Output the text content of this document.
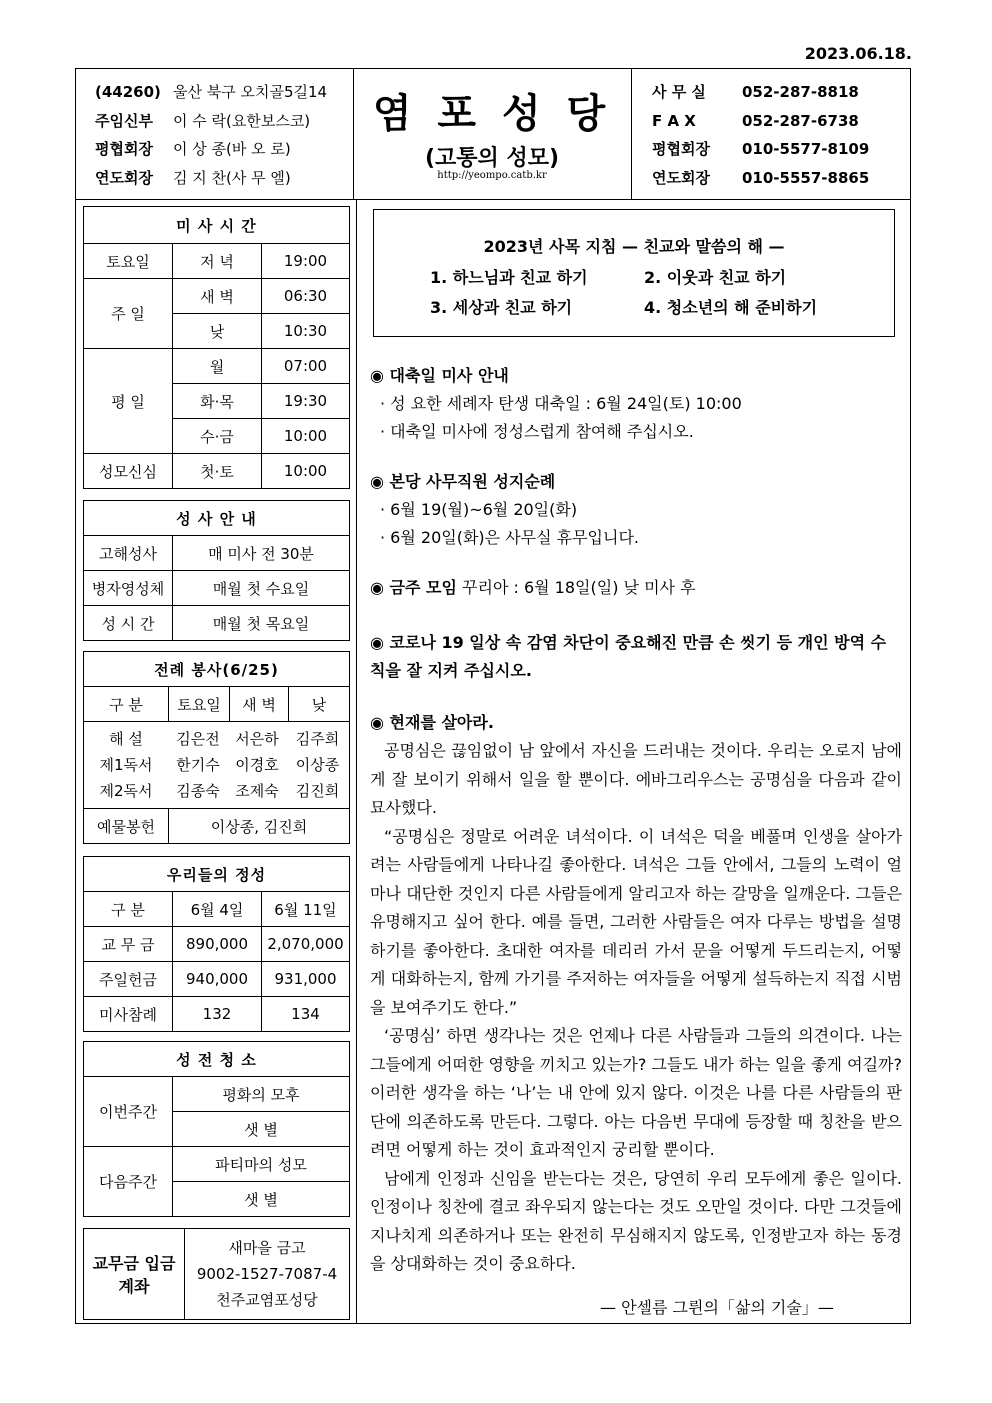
2023.06.18.
(44260) 울산 북구 오치골5길14
주임신부 이 수 락(요한보스코)
평협회장 이 상 종(바 오 로)
연도회장 김 지 찬(사 무 엘)
염 포 성 당
(고통의 성모)
http://yeompo.catb.kr
사 무 실 052-287-8818
F A X	052-287-6738
평협회장 010-5577-8109
연도회장 010-5557-8865
미 사 시 간		
토요일	저 녁	19:00
주 일	새 벽	06:30
	낮	10:30
평 일	월	07:00
	화·목	19:30
	수·금	10:00
성모신심	첫·토	10:00
성 사 안 내	
고해성사	매 미사 전 30분
병자영성체	매월 첫 수요일
성 시 간	매월 첫 목요일
전례 봉사(6/25)
구 분	토요일	새 벽	낮

해 설	김은전	서은하	김주희
제1독서	한기수	이경호	이상종
제2독서	김종숙	조제숙	김진희

예물봉헌	이상종, 김진희
우리들의 정성		
구 분	6월 4일	6월 11일
교 무 금	890,000	2,070,000
주일헌금	940,000	931,000
미사참례	132	134
성 전 청 소	
이번주간	평화의 모후
	샛 별
다음주간	파티마의 성모
	샛 별
교무금 입금계좌	
새마을 금고
9002-1527-7087-4
천주교염포성당
2023년 사목 지침 — 친교와 말씀의 해 —
1. 하느님과 친교 하기	2. 이웃과 친교 하기
3. 세상과 친교 하기	4. 청소년의 해 준비하기
◉ 대축일 미사 안내
· 성 요한 세례자 탄생 대축일 : 6월 24일(토) 10:00
· 대축일 미사에 정성스럽게 참여해 주십시오.
◉ 본당 사무직원 성지순례
· 6월 19(월)~6월 20일(화)
· 6월 20일(화)은 사무실 휴무입니다.
◉ 금주 모임 꾸리아 : 6월 18일(일) 낮 미사 후
◉ 코로나 19 일상 속 감염 차단이 중요해진 만큼 손 씻기 등 개인 방역 수칙을 잘 지켜 주십시오.
◉ 현재를 살아라.

공명심은 끊임없이 남 앞에서 자신을 드러내는 것이다. 우리는 오로지 남에게 잘 보이기 위해서 일을 할 뿐이다. 에바그리우스는 공명심을 다음과 같이 묘사했다.

“공명심은 정말로 어려운 녀석이다. 이 녀석은 덕을 베풀며 인생을 살아가려는 사람들에게 나타나길 좋아한다. 녀석은 그들 안에서, 그들의 노력이 얼마나 대단한 것인지 다른 사람들에게 알리고자 하는 갈망을 일깨운다. 그들은 유명해지고 싶어 한다. 예를 들면, 그러한 사람들은 여자 다루는 방법을 설명하기를 좋아한다. 초대한 여자를 데리러 가서 문을 어떻게 두드리는지, 어떻게 대화하는지, 함께 가기를 주저하는 여자들을 어떻게 설득하는지 직접 시범을 보여주기도 한다.”

‘공명심’ 하면 생각나는 것은 언제나 다른 사람들과 그들의 의견이다. 나는 그들에게 어떠한 영향을 끼치고 있는가? 그들도 내가 하는 일을 좋게 여길까? 이러한 생각을 하는 ‘나’는 내 안에 있지 않다. 이것은 나를 다른 사람들의 판단에 의존하도록 만든다. 그렇다. 아는 다음번 무대에 등장할 때 칭찬을 받으려면 어떻게 하는 것이 효과적인지 궁리할 뿐이다.

남에게 인정과 신임을 받는다는 것은, 당연히 우리 모두에게 좋은 일이다. 인정이나 칭찬에 결코 좌우되지 않는다는 것도 오만일 것이다. 다만 그것들에 지나치게 의존하거나 또는 완전히 무심해지지 않도록, 인정받고자 하는 동경을 상대화하는 것이 중요하다.

— 안셀름 그륀의「삶의 기술」—
